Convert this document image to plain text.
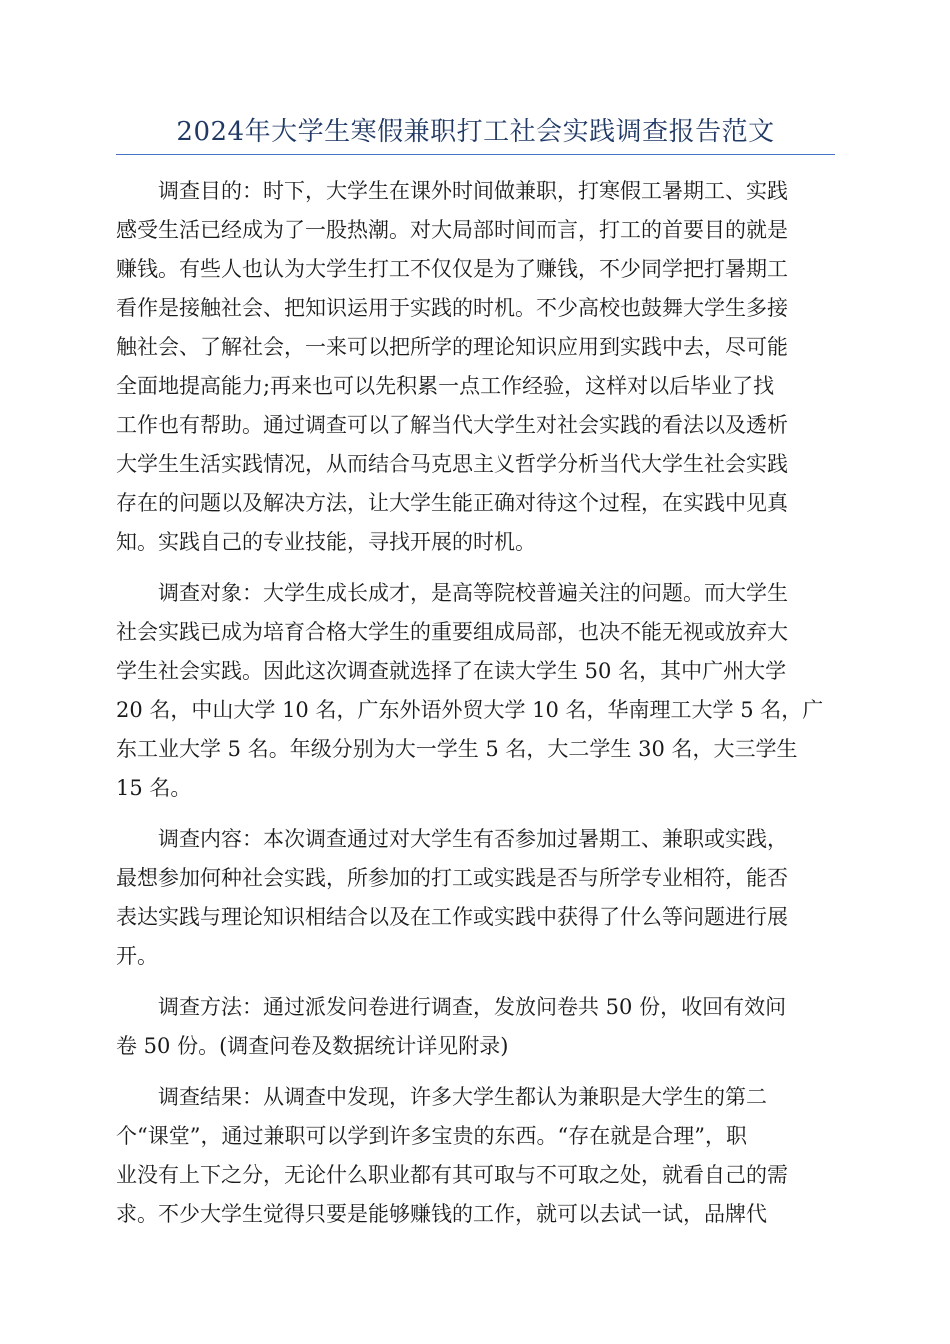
2024年大学生寒假兼职打工社会实践调查报告范文
调查目的：时下，大学生在课外时间做兼职，打寒假工暑期工、实践
感受生活已经成为了一股热潮。对大局部时间而言，打工的首要目的就是
赚钱。有些人也认为大学生打工不仅仅是为了赚钱，不少同学把打暑期工
看作是接触社会、把知识运用于实践的时机。不少高校也鼓舞大学生多接
触社会、了解社会，一来可以把所学的理论知识应用到实践中去，尽可能
全面地提高能力;再来也可以先积累一点工作经验，这样对以后毕业了找
工作也有帮助。通过调查可以了解当代大学生对社会实践的看法以及透析
大学生生活实践情况，从而结合马克思主义哲学分析当代大学生社会实践
存在的问题以及解决方法，让大学生能正确对待这个过程，在实践中见真
知。实践自己的专业技能，寻找开展的时机。
调查对象：大学生成长成才，是高等院校普遍关注的问题。而大学生
社会实践已成为培育合格大学生的重要组成局部，也决不能无视或放弃大
学生社会实践。因此这次调查就选择了在读大学生 50 名，其中广州大学
20 名，中山大学 10 名，广东外语外贸大学 10 名，华南理工大学 5 名，广
东工业大学 5 名。年级分别为大一学生 5 名，大二学生 30 名，大三学生
15 名。
调查内容：本次调查通过对大学生有否参加过暑期工、兼职或实践，
最想参加何种社会实践，所参加的打工或实践是否与所学专业相符，能否
表达实践与理论知识相结合以及在工作或实践中获得了什么等问题进行展
开。
调查方法：通过派发问卷进行调查，发放问卷共 50 份，收回有效问
卷 50 份。(调查问卷及数据统计详见附录)
调查结果：从调查中发现，许多大学生都认为兼职是大学生的第二
个“课堂”，通过兼职可以学到许多宝贵的东西。“存在就是合理”，职
业没有上下之分，无论什么职业都有其可取与不可取之处，就看自己的需
求。不少大学生觉得只要是能够赚钱的工作，就可以去试一试，品牌代
